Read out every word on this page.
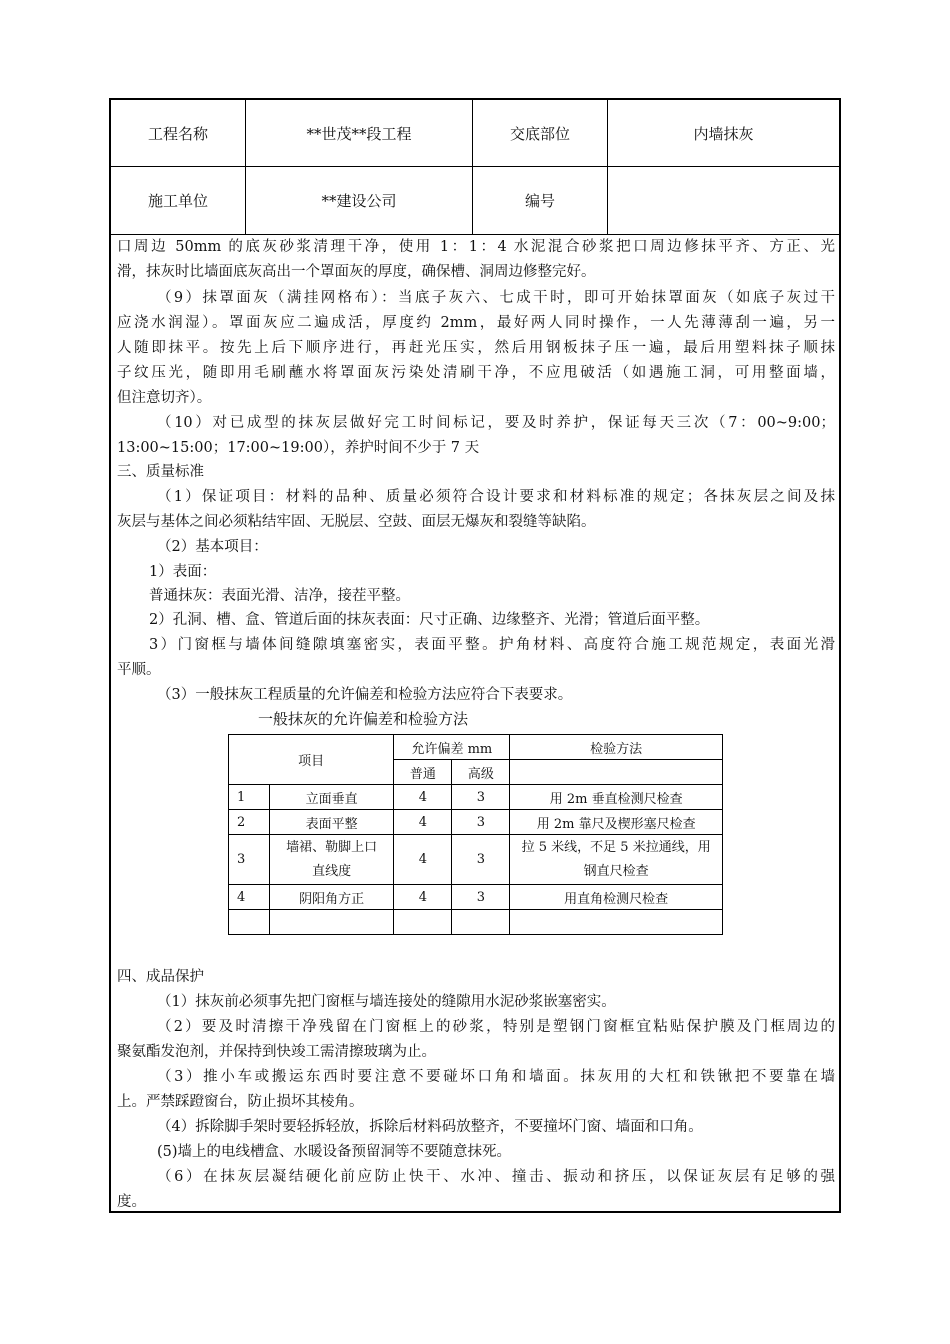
工程名称	**世茂**段工程	交底部位	内墙抹灰
施工单位	**建设公司	编号
口周边 50mm 的底灰砂浆清理干净，使用 1：1：4 水泥混合砂浆把口周边修抹平齐、方正、光
滑，抹灰时比墙面底灰高出一个罩面灰的厚度，确保槽、洞周边修整完好。
（9）抹罩面灰（满挂网格布）：当底子灰六、七成干时，即可开始抹罩面灰（如底子灰过干
应浇水润湿）。罩面灰应二遍成活，厚度约 2mm，最好两人同时操作，一人先薄薄刮一遍，另一
人随即抹平。按先上后下顺序进行，再赶光压实，然后用钢板抹子压一遍，最后用塑料抹子顺抹
子纹压光，随即用毛刷蘸水将罩面灰污染处清刷干净，不应甩破活（如遇施工洞，可用整面墙，
但注意切齐）。
（10）对已成型的抹灰层做好完工时间标记，要及时养护，保证每天三次（7：00~9:00；
13:00~15:00；17:00~19:00），养护时间不少于 7 天
三、质量标准
（1）保证项目：材料的品种、质量必须符合设计要求和材料标准的规定；各抹灰层之间及抹
灰层与基体之间必须粘结牢固、无脱层、空鼓、面层无爆灰和裂缝等缺陷。
（2）基本项目：
1）表面：
普通抹灰：表面光滑、洁净，接茬平整。
2）孔洞、槽、盒、管道后面的抹灰表面：尺寸正确、边缘整齐、光滑；管道后面平整。
3）门窗框与墙体间缝隙填塞密实，表面平整。护角材料、高度符合施工规范规定，表面光滑
平顺。
（3）一般抹灰工程质量的允许偏差和检验方法应符合下表要求。
四、成品保护
（1）抹灰前必须事先把门窗框与墙连接处的缝隙用水泥砂浆嵌塞密实。
（2）要及时清擦干净残留在门窗框上的砂浆，特别是塑钢门窗框宜粘贴保护膜及门框周边的
聚氨酯发泡剂，并保持到快竣工需清擦玻璃为止。
（3）推小车或搬运东西时要注意不要碰坏口角和墙面。抹灰用的大杠和铁锹把不要靠在墙
上。严禁踩蹬窗台，防止损坏其棱角。
（4）拆除脚手架时要轻拆轻放，拆除后材料码放整齐，不要撞坏门窗、墙面和口角。
(5)墙上的电线槽盒、水暖设备预留洞等不要随意抹死。
（6）在抹灰层凝结硬化前应防止快干、水冲、撞击、振动和挤压，以保证灰层有足够的强
度。
一般抹灰的允许偏差和检验方法
项目		允许偏差 mm		检验方法
		普通	高级	
1	立面垂直	4	3	用 2m 垂直检测尺检查
2	表面平整	4	3	用 2m 靠尺及楔形塞尺检查
3	墙裙、勒脚上口直线度	4	3	拉 5 米线，不足 5 米拉通线，用钢直尺检查
4	阴阳角方正	4	3	用直角检测尺检查
